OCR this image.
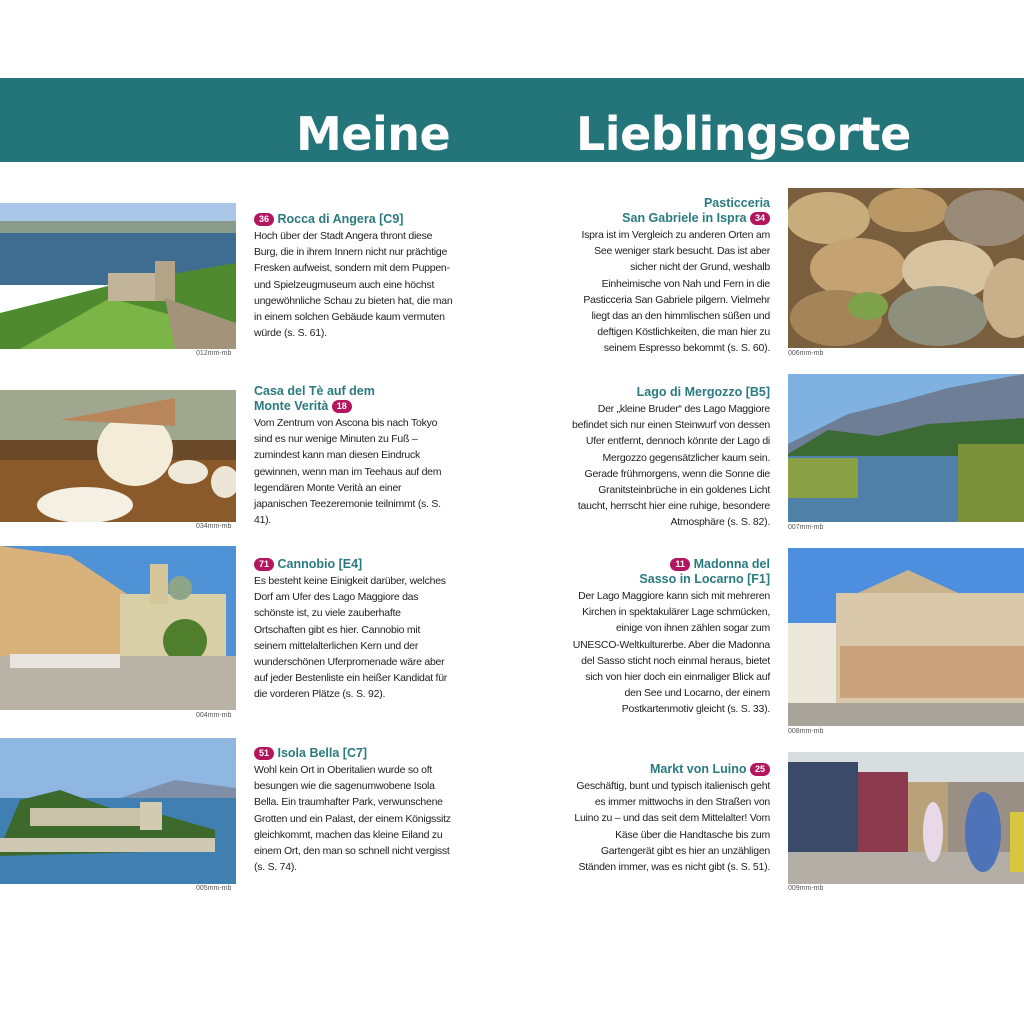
Meine	Lieblingsorte
012mm-mb
36 Rocca di Angera [C9]

Hoch über der Stadt Angera thront diese Burg, die in ihrem Innern nicht nur prächtige Fresken aufweist, sondern mit dem Puppen- und Spielzeugmuseum auch eine höchst ungewöhnliche Schau zu bieten hat, die man in einem solchen Gebäude kaum vermuten würde (s. S. 61).

034mm-mb
Casa del Tè auf dem
Monte Verità 18

Vom Zentrum von Ascona bis nach Tokyo sind es nur wenige Minuten zu Fuß – zumindest kann man diesen Eindruck gewinnen, wenn man im Teehaus auf dem legendären Monte Verità an einer japanischen Teezeremonie teilnimmt (s. S. 41).

004mm-mb
71 Cannobio [E4]

Es besteht keine Einigkeit darüber, welches Dorf am Ufer des Lago Maggiore das schönste ist, zu viele zauberhafte Ortschaften gibt es hier. Cannobio mit seinem mittelalterlichen Kern und der wunderschönen Uferpromenade wäre aber auf jeder Bestenliste ein heißer Kandidat für die vorderen Plätze (s. S. 92).

005mm-mb
51 Isola Bella [C7]

Wohl kein Ort in Oberitalien wurde so oft besungen wie die sagenumwobene Isola Bella. Ein traumhafter Park, verwunschene Grotten und ein Palast, der einem Königssitz gleichkommt, machen das kleine Eiland zu einem Ort, den man so schnell nicht vergisst (s. S. 74).

006mm-mb
Pasticceria
San Gabriele in Ispra 34

Ispra ist im Vergleich zu anderen Orten am See weniger stark besucht. Das ist aber sicher nicht der Grund, weshalb Einheimische von Nah und Fern in die Pasticceria San Gabriele pilgern. Vielmehr liegt das an den himmlischen süßen und deftigen Köstlichkeiten, die man hier zu seinem Espresso bekommt (s. S. 60).

007mm-mb
Lago di Mergozzo [B5]

Der „kleine Bruder“ des Lago Maggiore befindet sich nur einen Steinwurf von dessen Ufer entfernt, dennoch könnte der Lago di Mergozzo gegensätzlicher kaum sein. Gerade frühmorgens, wenn die Sonne die Granitsteinbrüche in ein goldenes Licht taucht, herrscht hier eine ruhige, besondere Atmosphäre (s. S. 82).

008mm-mb
11 Madonna del
Sasso in Locarno [F1]

Der Lago Maggiore kann sich mit mehreren Kirchen in spektakulärer Lage schmücken, einige von ihnen zählen sogar zum UNESCO-Weltkulturerbe. Aber die Madonna del Sasso sticht noch einmal heraus, bietet sich von hier doch ein einmaliger Blick auf den See und Locarno, der einem Postkartenmotiv gleicht (s. S. 33).

009mm-mb
Markt von Luino 25

Geschäftig, bunt und typisch italienisch geht es immer mittwochs in den Straßen von Luino zu – und das seit dem Mittelalter! Vom Käse über die Handtasche bis zum Gartengerät gibt es hier an unzähligen Ständen immer, was es nicht gibt (s. S. 51).
